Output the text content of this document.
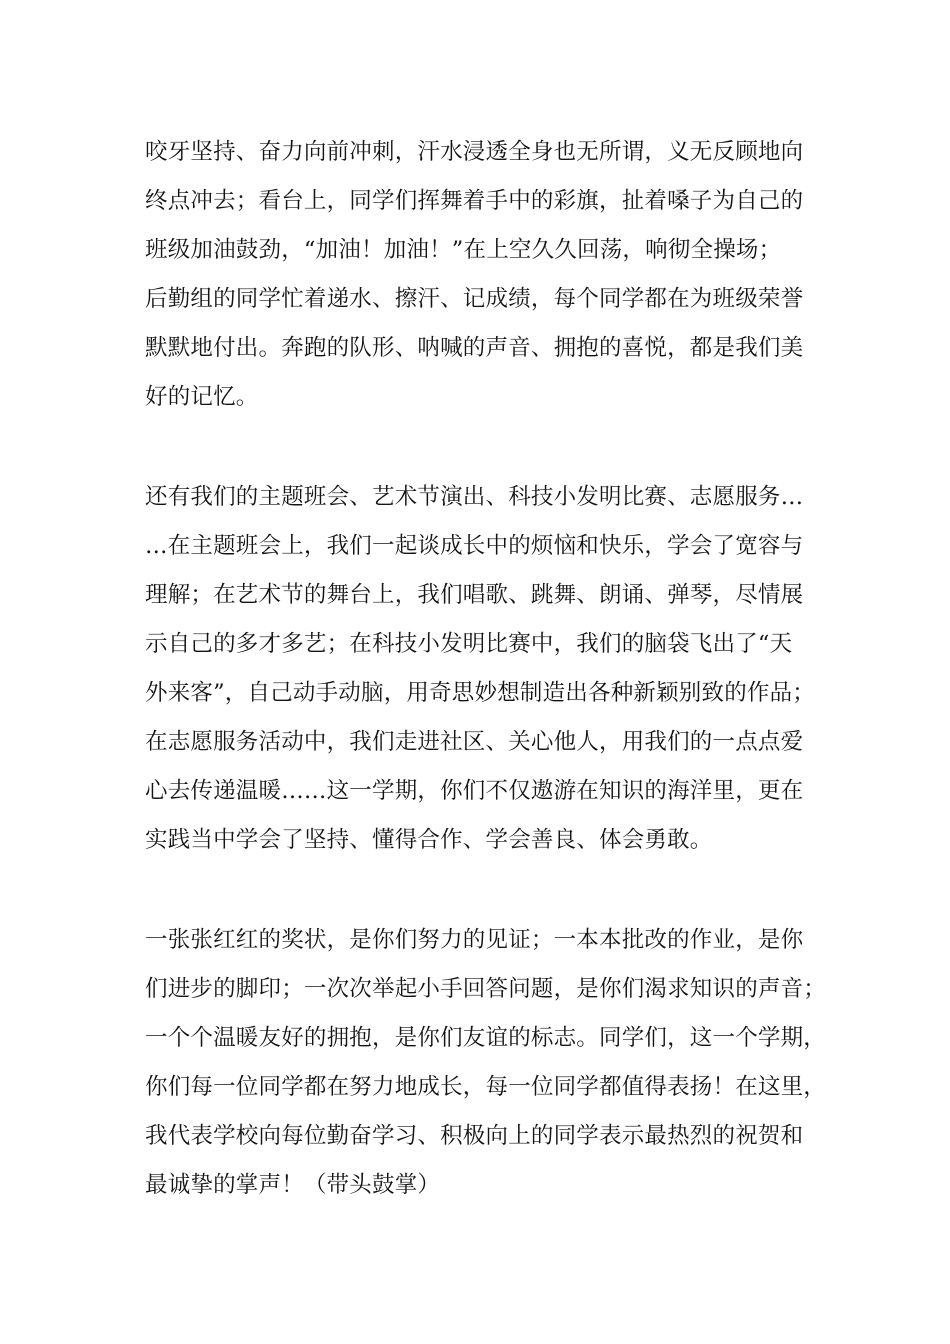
咬牙坚持、奋力向前冲刺，汗水浸透全身也无所谓，义无反顾地向
终点冲去；看台上，同学们挥舞着手中的彩旗，扯着嗓子为自己的
班级加油鼓劲，“加油！加油！”在上空久久回荡，响彻全操场；
后勤组的同学忙着递水、擦汗、记成绩，每个同学都在为班级荣誉
默默地付出。奔跑的队形、呐喊的声音、拥抱的喜悦，都是我们美
好的记忆。
还有我们的主题班会、艺术节演出、科技小发明比赛、志愿服务…
…在主题班会上，我们一起谈成长中的烦恼和快乐，学会了宽容与
理解；在艺术节的舞台上，我们唱歌、跳舞、朗诵、弹琴，尽情展
示自己的多才多艺；在科技小发明比赛中，我们的脑袋飞出了“天
外来客”，自己动手动脑，用奇思妙想制造出各种新颖别致的作品；
在志愿服务活动中，我们走进社区、关心他人，用我们的一点点爱
心去传递温暖……这一学期，你们不仅遨游在知识的海洋里，更在
实践当中学会了坚持、懂得合作、学会善良、体会勇敢。
一张张红红的奖状，是你们努力的见证；一本本批改的作业，是你
们进步的脚印；一次次举起小手回答问题，是你们渴求知识的声音；
一个个温暖友好的拥抱，是你们友谊的标志。同学们，这一个学期，
你们每一位同学都在努力地成长，每一位同学都值得表扬！在这里，
我代表学校向每位勤奋学习、积极向上的同学表示最热烈的祝贺和
最诚挚的掌声！（带头鼓掌）
